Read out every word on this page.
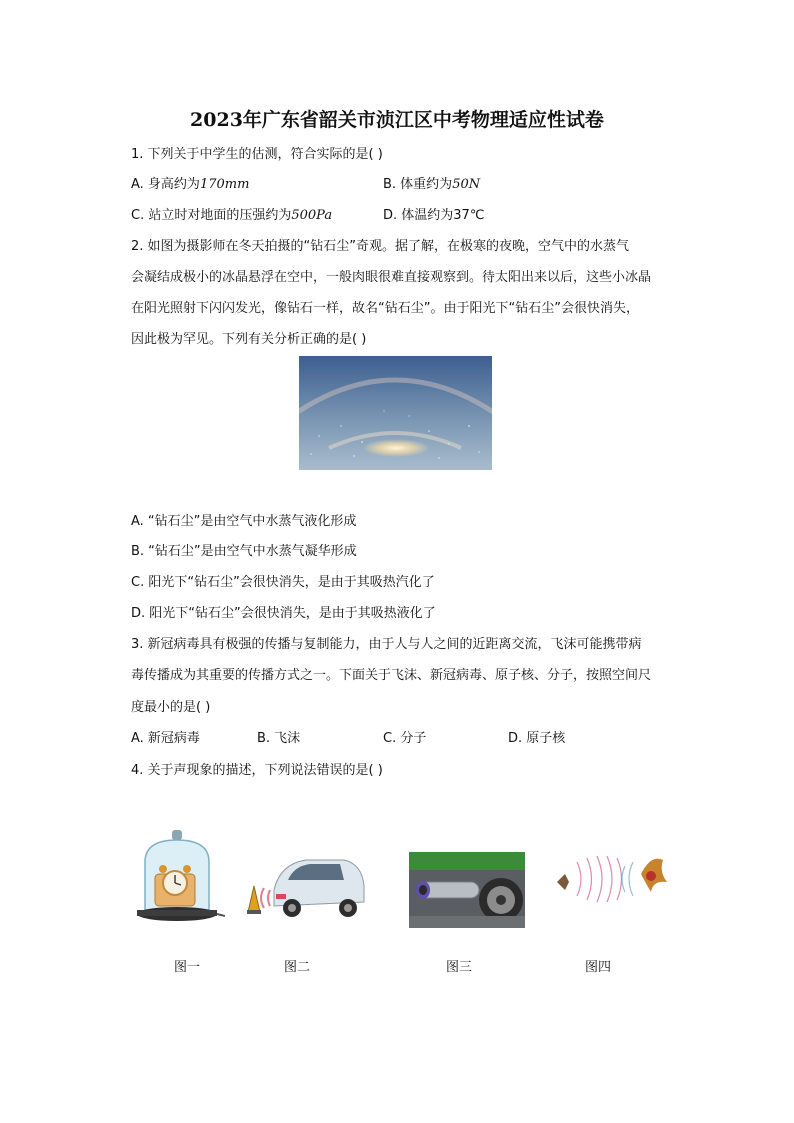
2023年广东省韶关市浈江区中考物理适应性试卷
1. 下列关于中学生的估测，符合实际的是( )
A. 身高约为170mm	B. 体重约为50N
C. 站立时对地面的压强约为500Pa	D. 体温约为37℃
2. 如图为摄影师在冬天拍摄的“钻石尘”奇观。据了解，在极寒的夜晚，空气中的水蒸气
会凝结成极小的冰晶悬浮在空中，一般肉眼很难直接观察到。待太阳出来以后，这些小冰晶
在阳光照射下闪闪发光，像钻石一样，故名“钻石尘”。由于阳光下“钻石尘”会很快消失，
因此极为罕见。下列有关分析正确的是( )
A. “钻石尘”是由空气中水蒸气液化形成
B. “钻石尘”是由空气中水蒸气凝华形成
C. 阳光下“钻石尘”会很快消失，是由于其吸热汽化了
D. 阳光下“钻石尘”会很快消失，是由于其吸热液化了
3. 新冠病毒具有极强的传播与复制能力，由于人与人之间的近距离交流，飞沫可能携带病
毒传播成为其重要的传播方式之一。下面关于飞沫、新冠病毒、原子核、分子，按照空间尺
度最小的是( )
A. 新冠病毒	B. 飞沫	C. 分子	D. 原子核
4. 关于声现象的描述，下列说法错误的是( )
图一	图二	图三	图四
